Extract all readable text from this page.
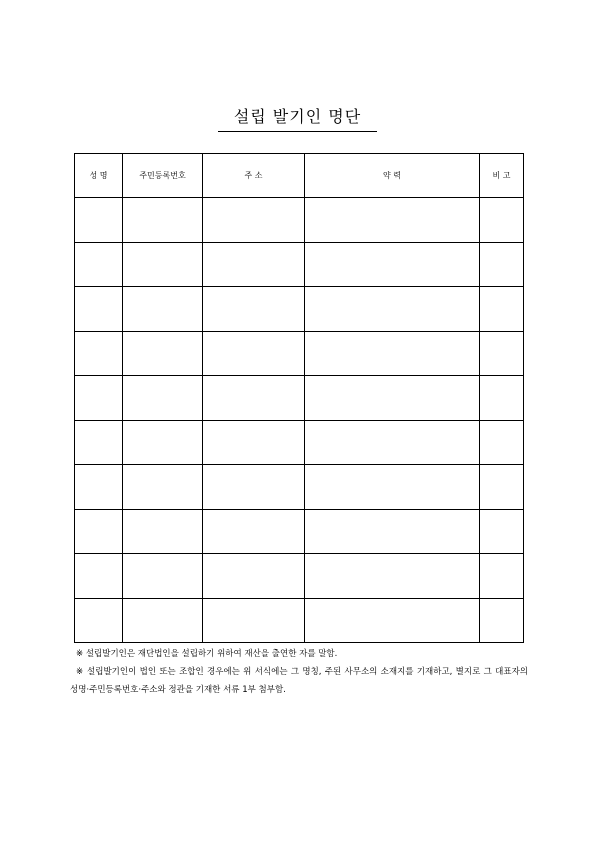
설립 발기인 명단
성 명	주민등록번호	주 소	약 력	비 고

※ 설립발기인은 재단법인을 설립하기 위하여 재산을 출연한 자를 말함.

※ 설립발기인이 법인 또는 조합인 경우에는 위 서식에는 그 명칭, 주된 사무소의 소재지를 기재하고, 별지로 그 대표자의 성명·주민등록번호·주소와 정관을 기재한 서류 1부 첨부함.
